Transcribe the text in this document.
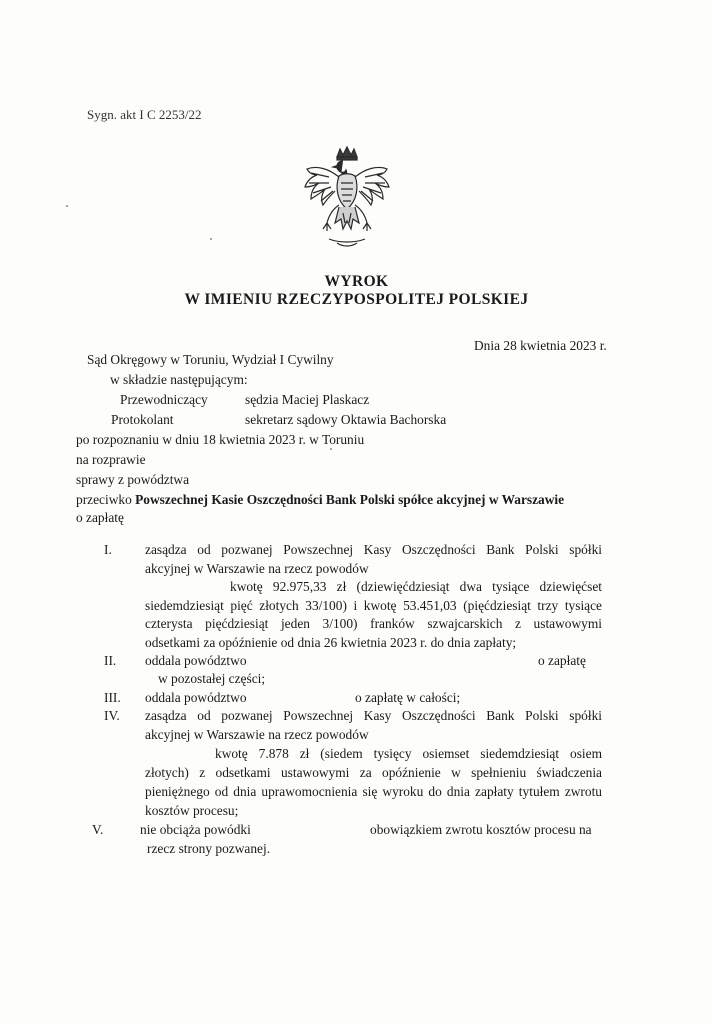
Sygn. akt I C 2253/22
WYROK
W IMIENIU RZECZYPOSPOLITEJ POLSKIEJ
Dnia 28 kwietnia 2023 r.
Sąd Okręgowy w Toruniu, Wydział I Cywilny
w składzie następującym:
Przewodniczący	sędzia Maciej Plaskacz
Protokolant	sekretarz sądowy Oktawia Bachorska
po rozpoznaniu w dniu 18 kwietnia 2023 r. w Toruniu
na rozprawie
sprawy z powództwa
przeciwko Powszechnej Kasie Oszczędności Bank Polski spółce akcyjnej w Warszawie
o zapłatę
I. zasądza od pozwanej Powszechnej Kasy Oszczędności Bank Polski spółki
akcyjnej w Warszawie na rzecz powodów
kwotę 92.975,33 zł (dziewięćdziesiąt dwa tysiące dziewięćset
siedemdziesiąt pięć złotych 33/100) i kwotę 53.451,03 (pięćdziesiąt trzy tysiące
czterysta pięćdziesiąt jeden 3/100) franków szwajcarskich z ustawowymi
odsetkami za opóźnienie od dnia 26 kwietnia 2023 r. do dnia zapłaty;
II. oddala powództwo	o zapłatę
w pozostałej części;
III. oddala powództwo	o zapłatę w całości;
IV. zasądza od pozwanej Powszechnej Kasy Oszczędności Bank Polski spółki
akcyjnej w Warszawie na rzecz powodów
kwotę 7.878 zł (siedem tysięcy osiemset siedemdziesiąt osiem
złotych) z odsetkami ustawowymi za opóźnienie w spełnieniu świadczenia
pieniężnego od dnia uprawomocnienia się wyroku do dnia zapłaty tytułem zwrotu
kosztów procesu;
V.	nie obciąża powódki	obowiązkiem zwrotu kosztów procesu na
rzecz strony pozwanej.
